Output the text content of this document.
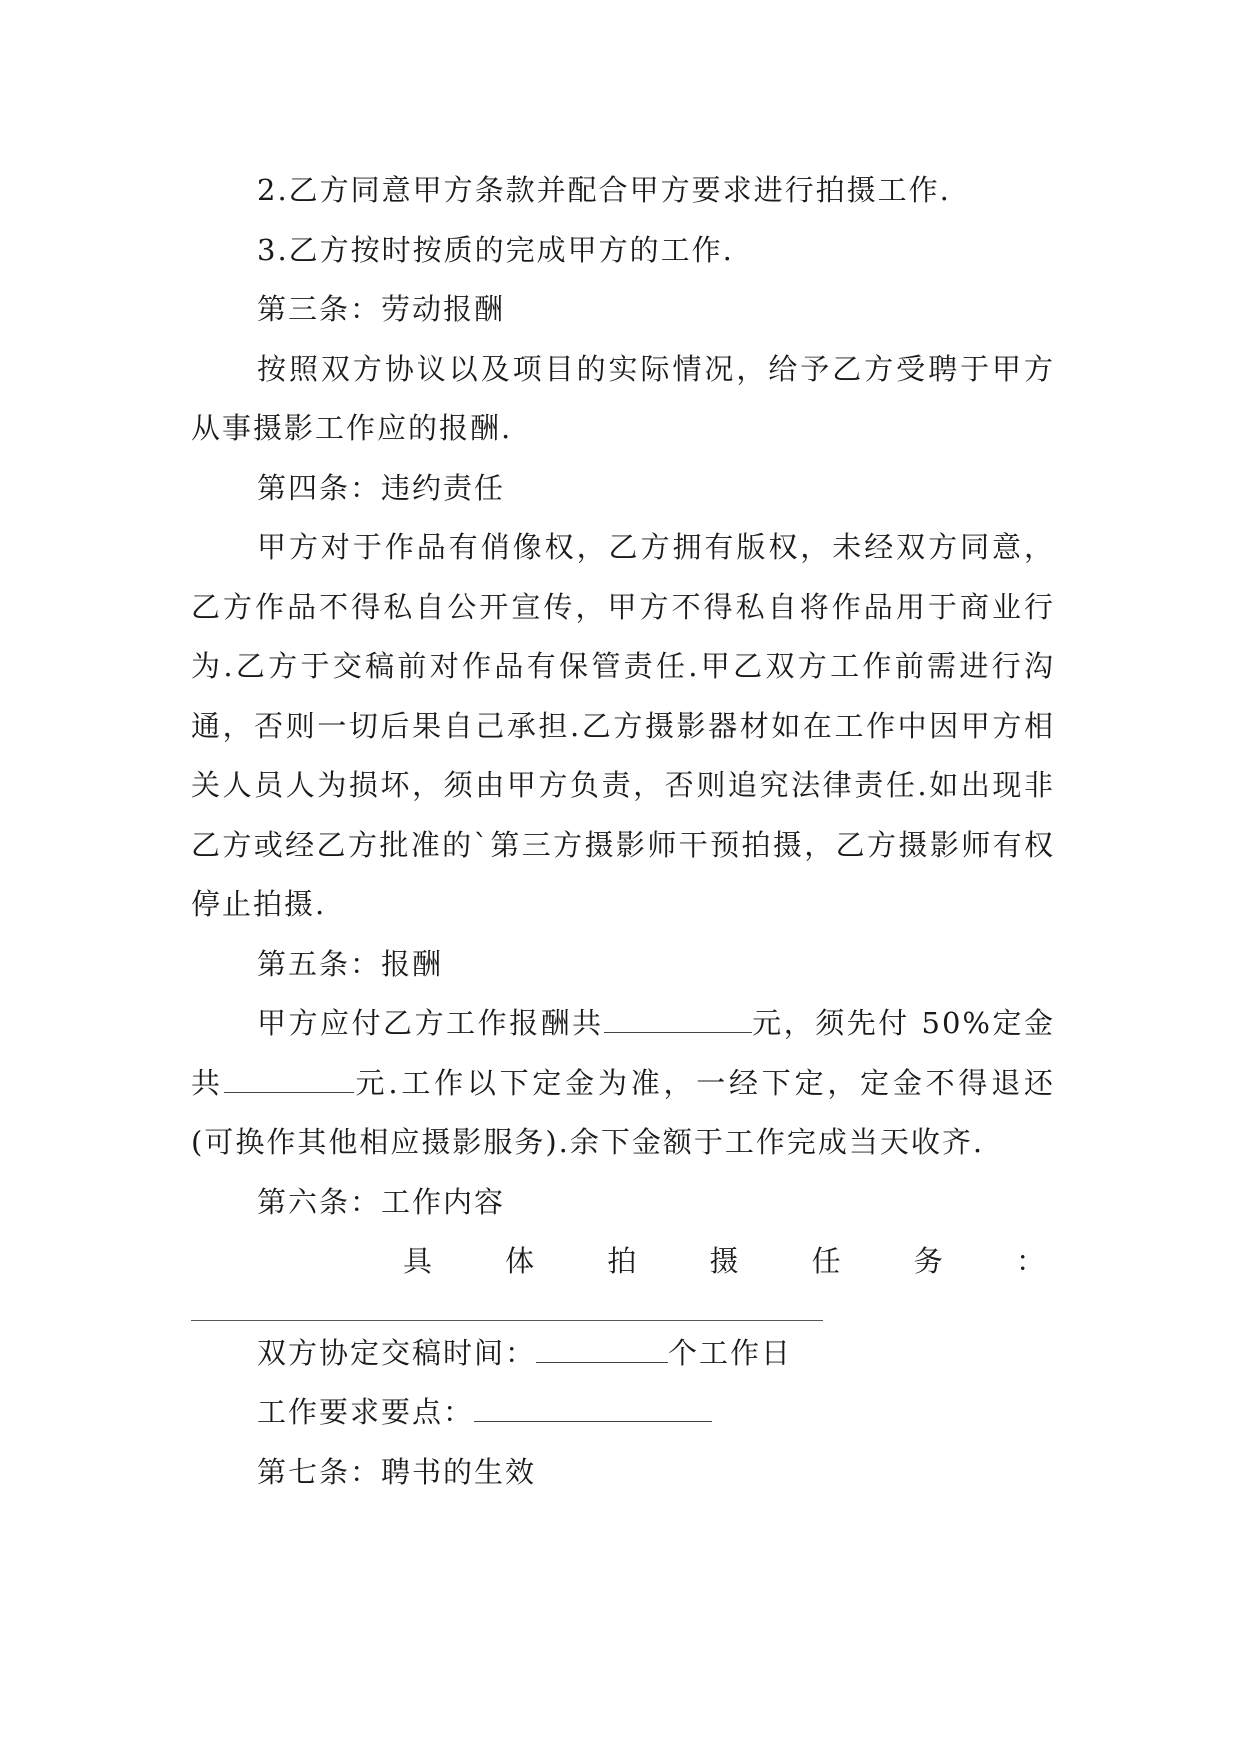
2.乙方同意甲方条款并配合甲方要求进行拍摄工作.

3.乙方按时按质的完成甲方的工作.

第三条：劳动报酬

按照双方协议以及项目的实际情况，给予乙方受聘于甲方从事摄影工作应的报酬.

第四条：违约责任

甲方对于作品有俏像权，乙方拥有版权，未经双方同意，乙方作品不得私自公开宣传，甲方不得私自将作品用于商业行为.乙方于交稿前对作品有保管责任.甲乙双方工作前需进行沟通，否则一切后果自己承担.乙方摄影器材如在工作中因甲方相关人员人为损坏，须由甲方负责，否则追究法律责任.如出现非乙方或经乙方批准的`第三方摄影师干预拍摄，乙方摄影师有权停止拍摄.

第五条：报酬

甲方应付乙方工作报酬共	元，须先付 50%定金共	元.工作以下定金为准，一经下定，定金不得退还(可换作其他相应摄影服务).余下金额于工作完成当天收齐.

第六条：工作内容

具 体 拍 摄 任 务 ：

双方协定交稿时间：	个工作日

工作要求要点：

第七条：聘书的生效
